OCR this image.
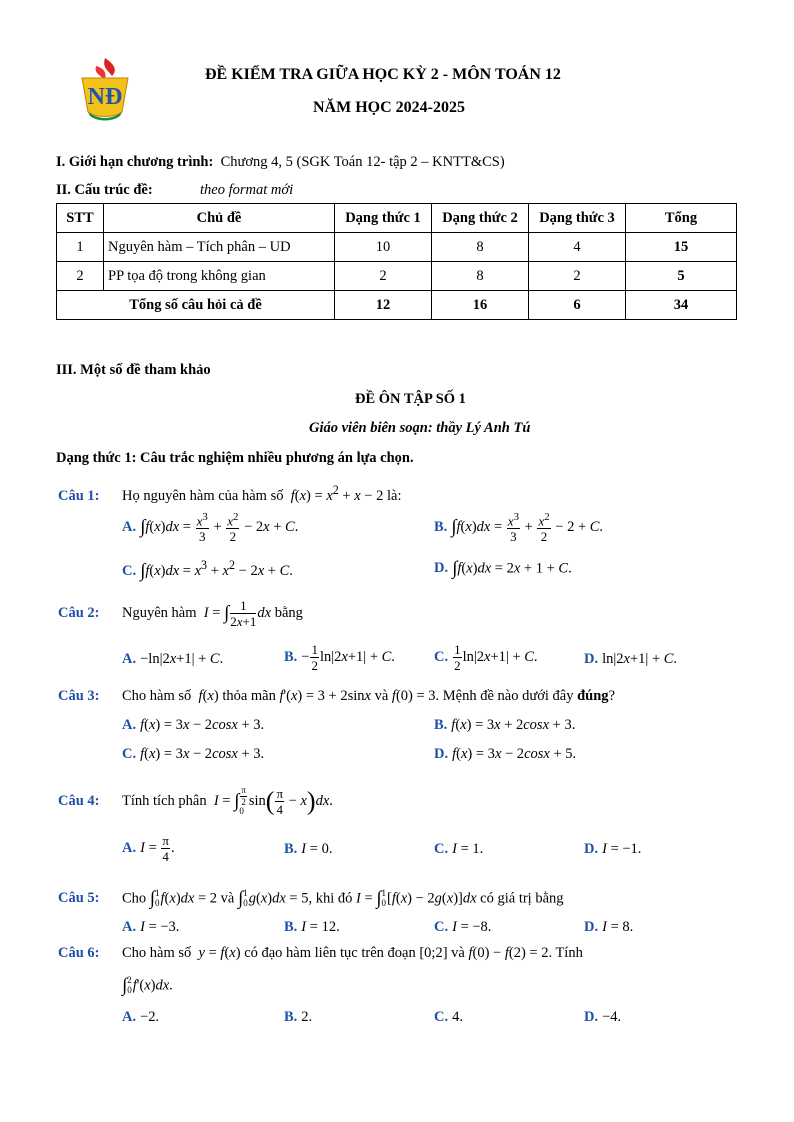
NĐ
ĐỀ KIỂM TRA GIỮA HỌC KỲ 2 - MÔN TOÁN 12
NĂM HỌC 2024-2025
I. Giới hạn chương trình: Chương 4, 5 (SGK Toán 12- tập 2 – KNTT&CS)
II. Cấu trúc đề:	theo format mới
STT	Chủ đề	Dạng thức 1	Dạng thức 2	Dạng thức 3	Tổng
1	Nguyên hàm – Tích phân – UD	10	8	4	15
2	PP tọa độ trong không gian	2	8	2	5
Tổng số câu hỏi cả đề		12	16	6	34
III. Một số đề tham khảo
ĐỀ ÔN TẬP SỐ 1
Giáo viên biên soạn: thầy Lý Anh Tú
Dạng thức 1: Câu trắc nghiệm nhiều phương án lựa chọn.
Câu 1: Họ nguyên hàm của hàm số  $f(x) = x^2 + x - 2$ là:
A. $\int f(x)dx = \frac{x^3}{3} + \frac{x^2}{2} - 2x + C$.	B. $\int f(x)dx = \frac{x^3}{3} + \frac{x^2}{2} - 2 + C$.
C. $\int f(x)dx = x^3 + x^2 - 2x + C$.	D. ∫f(x)dx = 2x + 1 + C.
Câu 2: Nguyên hàm  I = ∫ $\frac{1}{2x+1}$ dx bằng
A. −ln|2x+1| + C.	B. − $\frac{1}{2} \ln|2x+1| + C$.	C. $\frac{1}{2} \ln|2x+1| + C$.	D. ln|2x+1| + C.
Câu 3: Cho hàm số  f(x) thỏa mãn f'(x) = 3 + 2sinx và f(0) = 3. Mệnh đề nào dưới đây đúng?
A. f(x) = 3x − 2cosx + 3.	B. f(x) = 3x + 2cosx + 3.
C. f(x) = 3x − 2cosx + 3.	D. f(x) = 3x − 2cosx + 5.
Câu 4: Tính tích phân  I = ∫ $\frac{\pi}{2}$

$0\sin( \frac{\pi}{4} - x)dx$.
A. $I = \frac{\pi}{4}$ .	B. I = 0.	C. I = 1.	D. I = −1.
Câu 5: Cho ∫1
0f(x)dx = 2 và ∫1
0g(x)dx = 5, khi đó I = ∫1
0[f(x) − 2g(x)]dx có giá trị bằng
A. I = −3.	B. I = 12.	C. I = −8.	D. I = 8.
Câu 6: Cho hàm số y = f(x) có đạo hàm liên tục trên đoạn [0;2] và f(0) − f(2) = 2. Tính
∫2
0f'(x)dx.
A. −2.	B. 2.	C. 4.	D. −4.
